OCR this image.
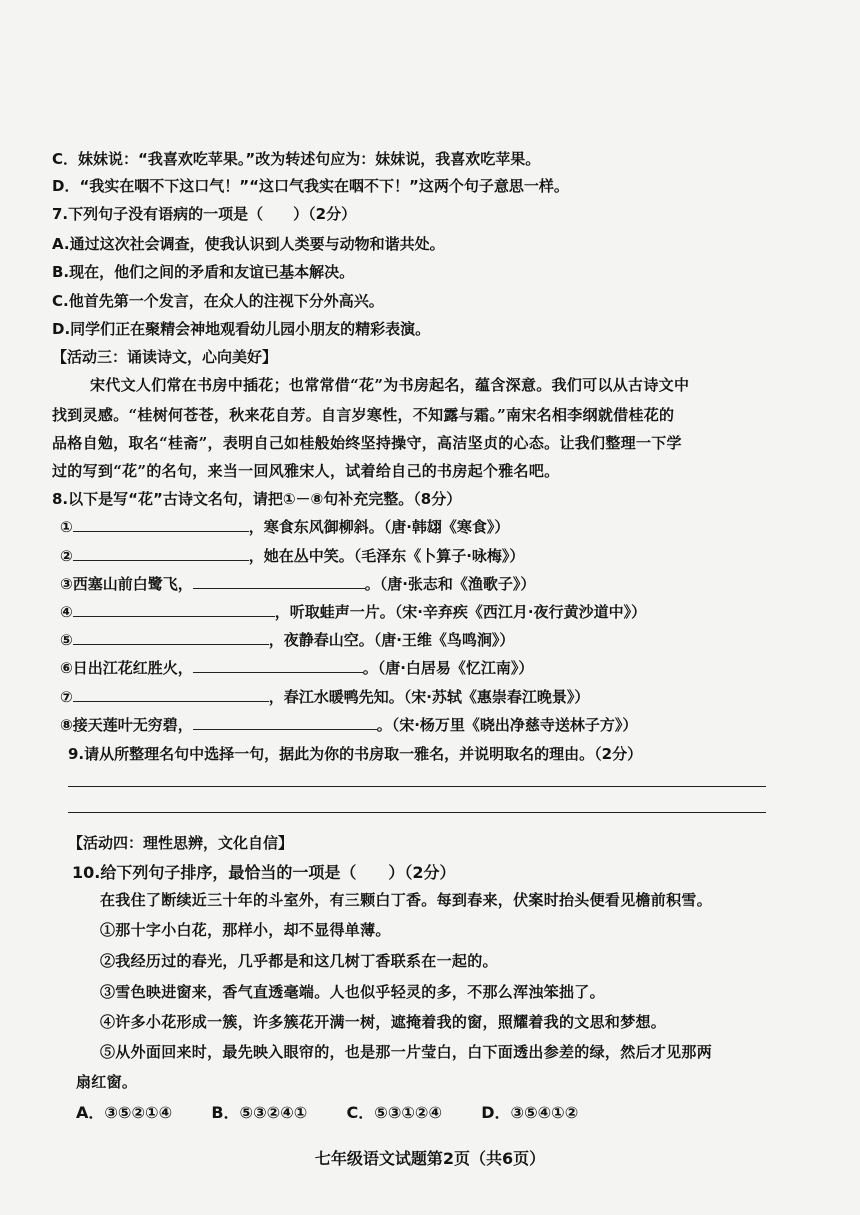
C．妹妹说：“我喜欢吃苹果。”改为转述句应为：妹妹说，我喜欢吃苹果。
D．“我实在咽不下这口气！”“这口气我实在咽不下！”这两个句子意思一样。
7.下列句子没有语病的一项是（　　）（2分）
A.通过这次社会调查，使我认识到人类要与动物和谐共处。
B.现在，他们之间的矛盾和友谊已基本解决。
C.他首先第一个发言，在众人的注视下分外高兴。
D.同学们正在聚精会神地观看幼儿园小朋友的精彩表演。
【活动三：诵读诗文，心向美好】
宋代文人们常在书房中插花；也常常借“花”为书房起名，蕴含深意。我们可以从古诗文中
找到灵感。“桂树何苍苍，秋来花自芳。自言岁寒性，不知露与霜。”南宋名相李纲就借桂花的
品格自勉，取名“桂斋”，表明自己如桂般始终坚持操守，高洁坚贞的心态。让我们整理一下学
过的写到“花”的名句，来当一回风雅宋人，试着给自己的书房起个雅名吧。
8.以下是写“花”古诗文名句，请把①－⑧句补充完整。（8分）
①	，寒食东风御柳斜。（唐·韩翃《寒食》）
②	，她在丛中笑。（毛泽东《卜算子·咏梅》）
③西塞山前白鹭飞，	。（唐·张志和《渔歌子》）
④	，听取蛙声一片。（宋·辛弃疾《西江月·夜行黄沙道中》）
⑤	，夜静春山空。（唐·王维《鸟鸣涧》）
⑥日出江花红胜火，	。（唐·白居易《忆江南》）
⑦	，春江水暖鸭先知。（宋·苏轼《惠崇春江晚景》）
⑧接天莲叶无穷碧，	。（宋·杨万里《晓出净慈寺送林子方》）
9.请从所整理名句中选择一句，据此为你的书房取一雅名，并说明取名的理由。（2分）
【活动四：理性思辨，文化自信】
10.给下列句子排序，最恰当的一项是（　　）（2分）
在我住了断续近三十年的斗室外，有三颗白丁香。每到春来，伏案时抬头便看见檐前积雪。
①那十字小白花，那样小，却不显得单薄。
②我经历过的春光，几乎都是和这几树丁香联系在一起的。
③雪色映进窗来，香气直透毫端。人也似乎轻灵的多，不那么浑浊笨拙了。
④许多小花形成一簇，许多簇花开满一树，遮掩着我的窗，照耀着我的文思和梦想。
⑤从外面回来时，最先映入眼帘的，也是那一片莹白，白下面透出参差的绿，然后才见那两
扇红窗。
A．③⑤②①④ B．⑤③②④① C．⑤③①②④ D．③⑤④①②
七年级语文试题第2页（共6页）
